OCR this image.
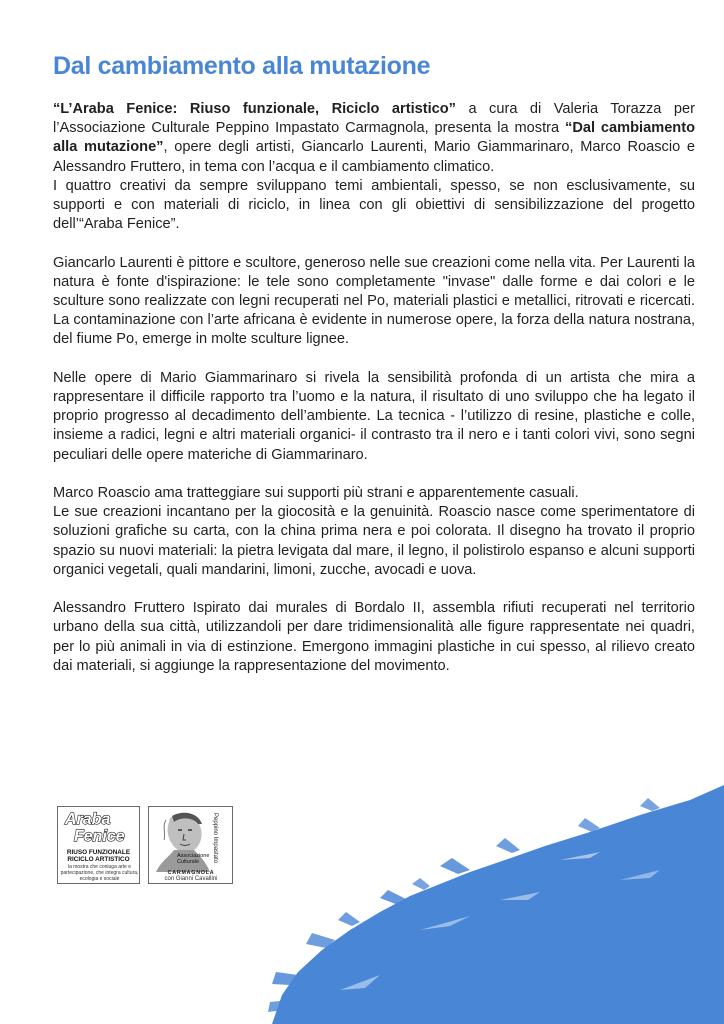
Dal cambiamento alla mutazione

“L’Araba Fenice: Riuso funzionale, Riciclo artistico” a cura di Valeria Torazza per l’Associazione Culturale Peppino Impastato Carmagnola, presenta la mostra “Dal cambiamento alla mutazione”, opere degli artisti, Giancarlo Laurenti, Mario Giammarinaro, Marco Roascio e Alessandro Fruttero, in tema con l’acqua e il cambiamento climatico.

I quattro creativi da sempre sviluppano temi ambientali, spesso, se non esclusivamente, su supporti e con materiali di riciclo, in linea con gli obiettivi di sensibilizzazione del progetto dell’“Araba Fenice”.

Giancarlo Laurenti è pittore e scultore, generoso nelle sue creazioni come nella vita. Per Laurenti la natura è fonte d'ispirazione: le tele sono completamente "invase" dalle forme e dai colori e le sculture sono realizzate con legni recuperati nel Po, materiali plastici e metallici, ritrovati e ricercati. La contaminazione con l’arte africana è evidente in numerose opere, la forza della natura nostrana, del fiume Po, emerge in molte sculture lignee.

Nelle opere di Mario Giammarinaro si rivela la sensibilità profonda di un artista che mira a rappresentare il difficile rapporto tra l’uomo e la natura, il risultato di uno sviluppo che ha legato il proprio progresso al decadimento dell’ambiente. La tecnica - l’utilizzo di resine, plastiche e colle, insieme a radici, legni e altri materiali organici- il contrasto tra il nero e i tanti colori vivi, sono segni peculiari delle opere materiche di Giammarinaro.

Marco Roascio ama tratteggiare sui supporti più strani e apparentemente casuali.

Le sue creazioni incantano per la giocosità e la genuinità. Roascio nasce come sperimentatore di soluzioni grafiche su carta, con la china prima nera e poi colorata. Il disegno ha trovato il proprio spazio su nuovi materiali: la pietra levigata dal mare, il legno, il polistirolo espanso e alcuni supporti organici vegetali, quali mandarini, limoni, zucche, avocadi e uova.

Alessandro Fruttero Ispirato dai murales di Bordalo II, assembla rifiuti recuperati nel territorio urbano della sua città, utilizzandoli per dare tridimensionalità alle figure rappresentate nei quadri, per lo più animali in via di estinzione. Emergono immagini plastiche in cui spesso, al rilievo creato dai materiali, si aggiunge la rappresentazione del movimento.

Araba
Fenice
RIUSO FUNZIONALE
RICICLO ARTISTICO
la mostra che coniuga arte e partecipazione, che integra cultura, ecologia e sociale
Peppino Impastato
Associazione Culturale
CARMAGNOLA
con Gianni Cavallini
